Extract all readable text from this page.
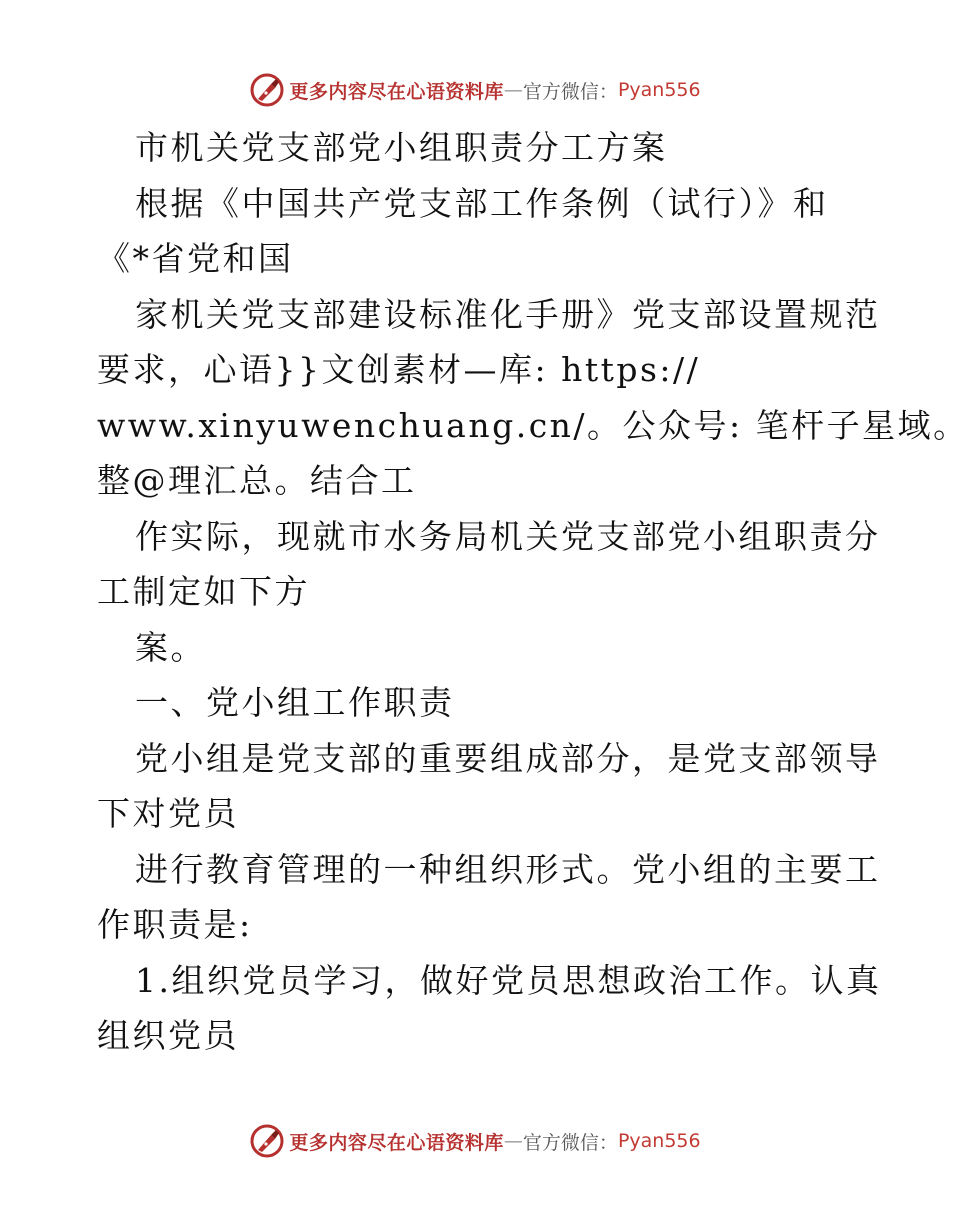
更多内容尽在心语资料库 — 官方微信： Pyan556
市机关党支部党小组职责分工方案
根据《中国共产党支部工作条例（试行）》和
《*省党和国
家机关党支部建设标准化手册》党支部设置规范
要求，心语}}文创素材—库: https://
www.xinyuwenchuang.cn/。公众号: 笔杆子星域。
整@理汇总。结合工
作实际，现就市水务局机关党支部党小组职责分
工制定如下方
案。
一、党小组工作职责
党小组是党支部的重要组成部分，是党支部领导
下对党员
进行教育管理的一种组织形式。党小组的主要工
作职责是:
1.组织党员学习，做好党员思想政治工作。认真
组织党员
更多内容尽在心语资料库 — 官方微信： Pyan556
